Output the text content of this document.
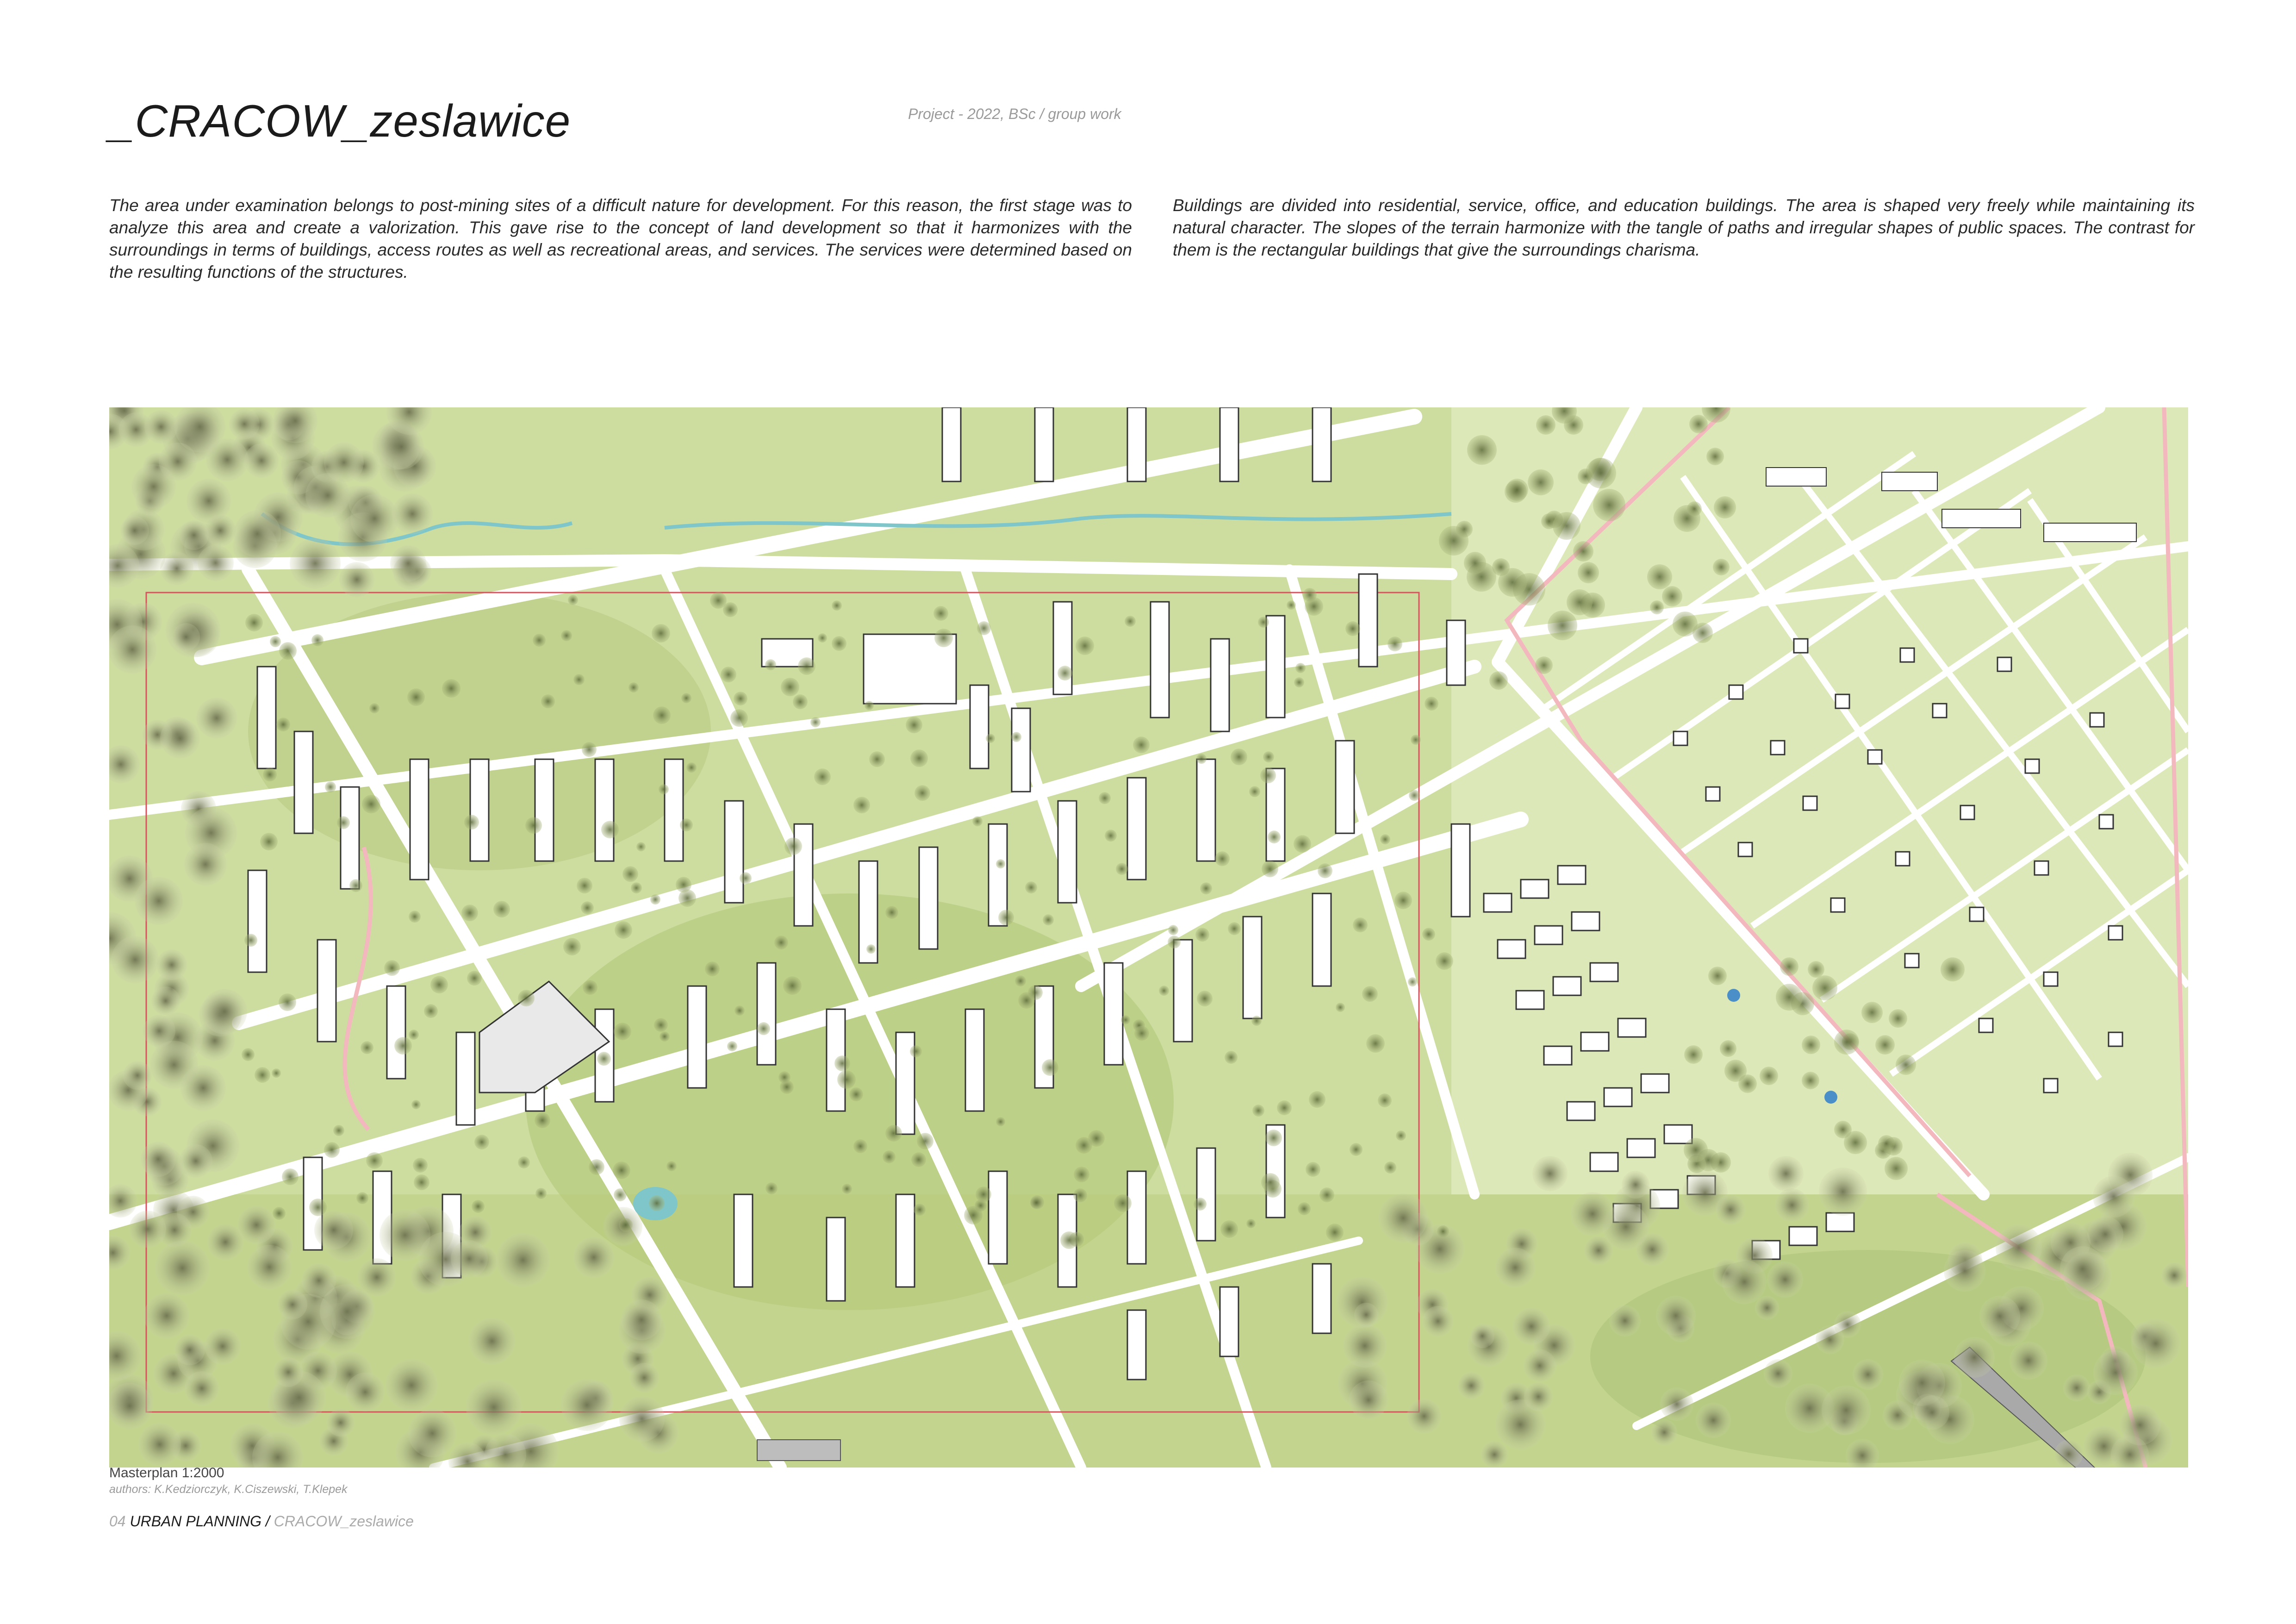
_CRACOW_zeslawice	Project - 2022, BSc / group work
The area under examination belongs to post-mining sites of a difficult nature for development. For this reason, the first stage was to analyze this area and create a valorization. This gave rise to the concept of land development so that it harmonizes with the surroundings in terms of buildings, access routes as well as recreational areas, and services. The services were determined based on the resulting functions of the structures.
Buildings are divided into residential, service, office, and education buildings. The area is shaped very freely while maintaining its natural character. The slopes of the terrain harmonize with the tangle of paths and irregular shapes of public spaces. The contrast for them is the rectangular buildings that give the surroundings charisma.
Masterplan 1:2000
authors: K.Kedziorczyk, K.Ciszewski, T.Klepek
04 URBAN PLANNING / CRACOW_zeslawice
